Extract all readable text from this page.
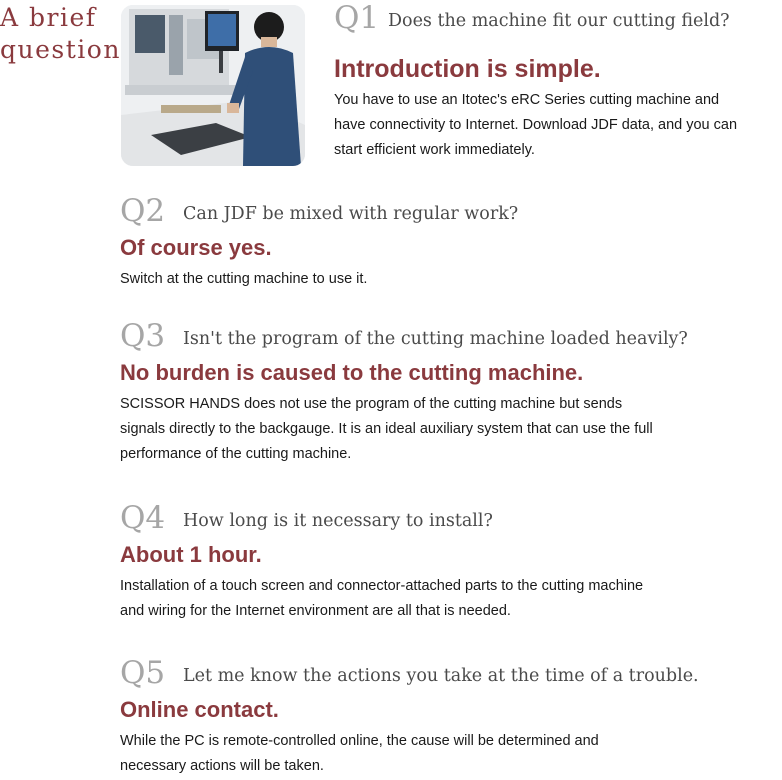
A brief
question
Q1 Does the machine fit our cutting field?
Introduction is simple.
You have to use an Itotec's eRC Series cutting machine and
have connectivity to Internet. Download JDF data, and you can
start efficient work immediately.
Q2 Can JDF be mixed with regular work?
Of course yes.
Switch at the cutting machine to use it.
Q3 Isn't the program of the cutting machine loaded heavily?
No burden is caused to the cutting machine.
SCISSOR HANDS does not use the program of the cutting machine but sends
signals directly to the backgauge. It is an ideal auxiliary system that can use the full
performance of the cutting machine.
Q4 How long is it necessary to install?
About 1 hour.
Installation of a touch screen and connector-attached parts to the cutting machine
and wiring for the Internet environment are all that is needed.
Q5 Let me know the actions you take at the time of a trouble.
Online contact.
While the PC is remote-controlled online, the cause will be determined and
necessary actions will be taken.
